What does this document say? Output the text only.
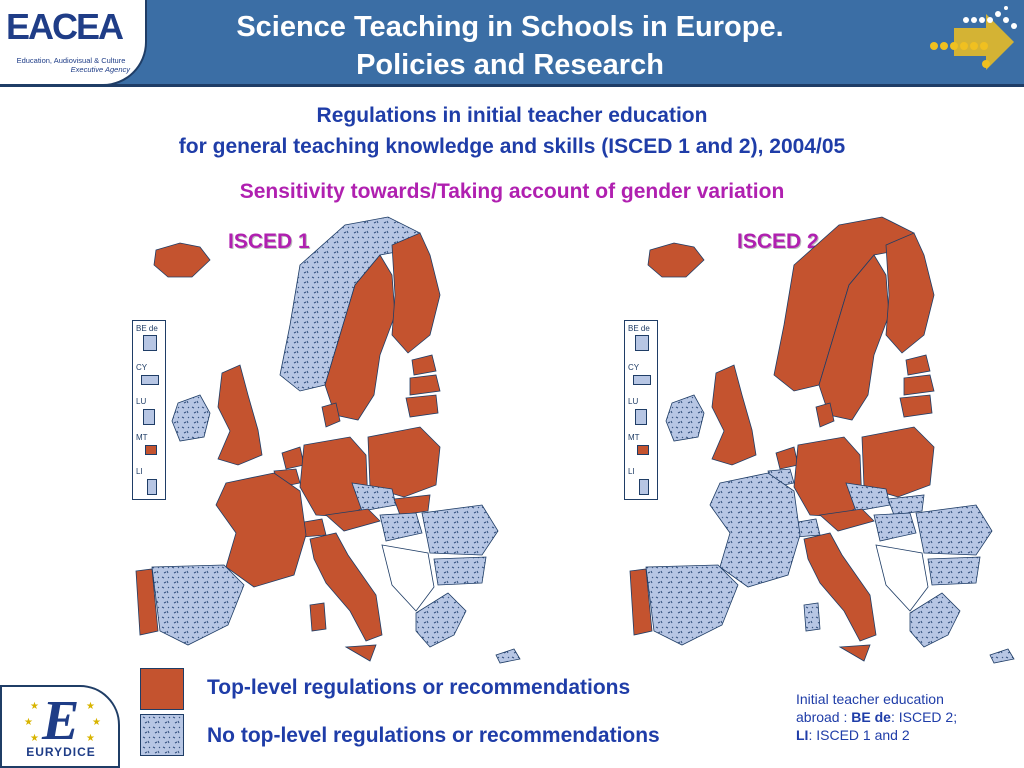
EACEA
Education, Audiovisual & Culture
Executive Agency
Science Teaching in Schools in Europe.
Policies and Research
Regulations in initial teacher education
for general teaching knowledge and skills (ISCED 1 and 2), 2004/05
Sensitivity towards/Taking account of gender variation
ISCED 1	ISCED 2
BE de
CY
LU
MT
LI
BE de
CY
LU
MT
LI
Top-level regulations or recommendations
No top-level regulations or recommendations
Initial teacher education
abroad : BE de: ISCED 2;
LI: ISCED 1 and 2
★
★
★
★
★
★
E
EURYDICE
